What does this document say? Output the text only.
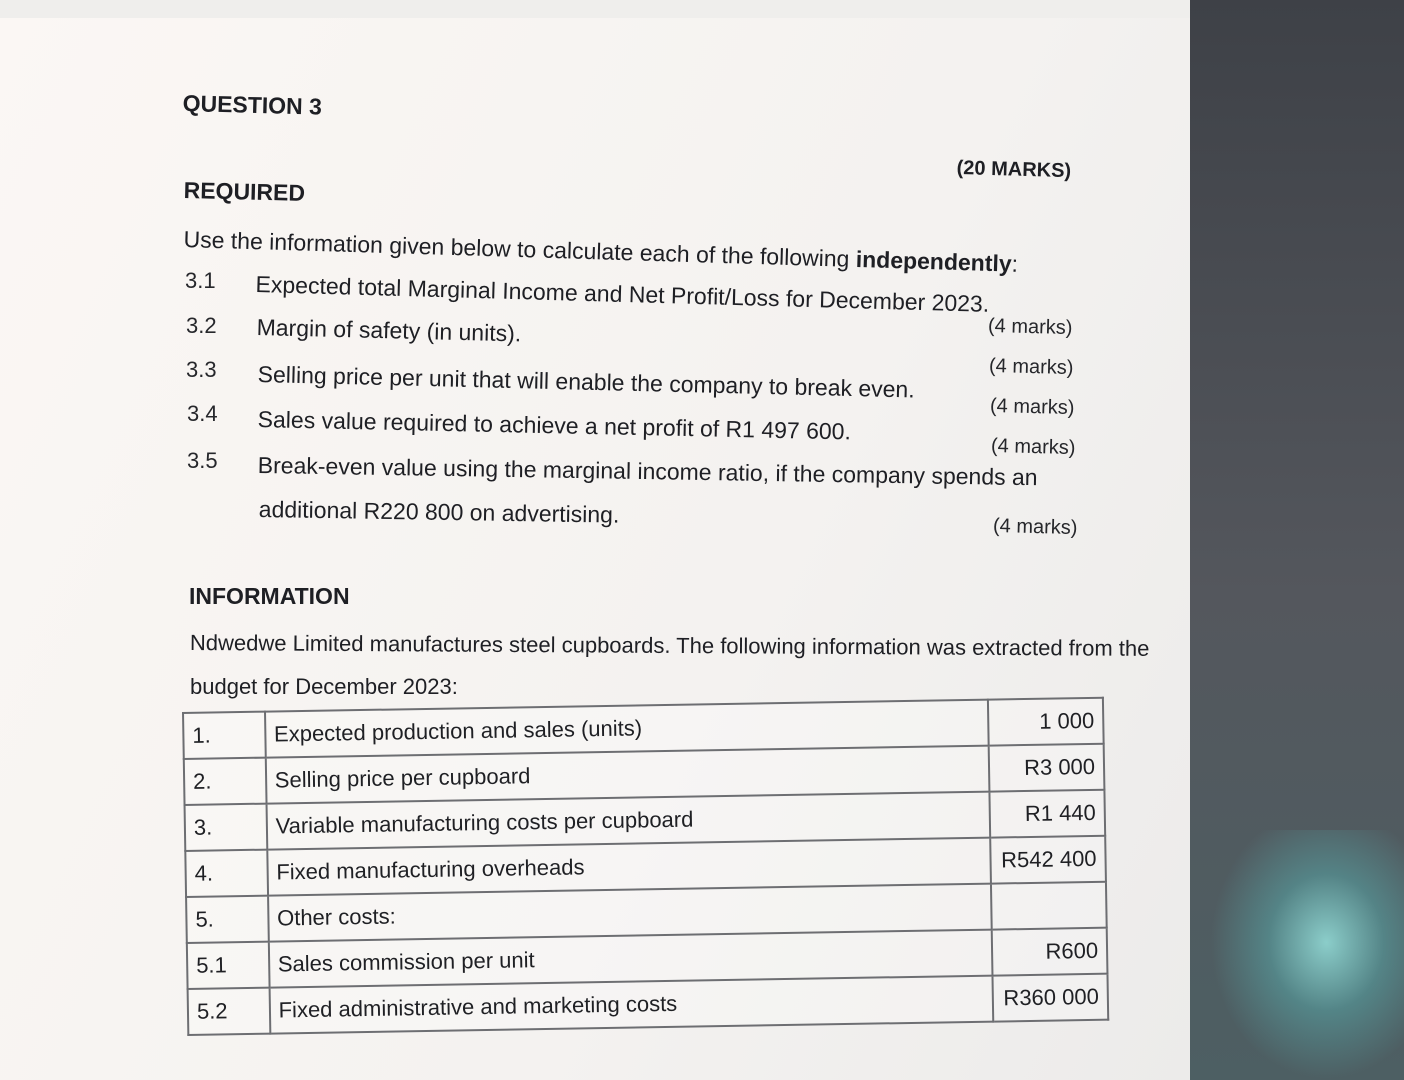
QUESTION 3
(20 MARKS)
REQUIRED
Use the information given below to calculate each of the following independently:
3.1 Expected total Marginal Income and Net Profit/Loss for December 2023.
3.2 Margin of safety (in units).
3.3 Selling price per unit that will enable the company to break even.
3.4 Sales value required to achieve a net profit of R1 497 600.
3.5 Break-even value using the marginal income ratio, if the company spends an
additional R220 800 on advertising.
(4 marks)
(4 marks)
(4 marks)
(4 marks)
(4 marks)
INFORMATION
Ndwedwe Limited manufactures steel cupboards. The following information was extracted from the
budget for December 2023:
1.	Expected production and sales (units)	1 000
2.	Selling price per cupboard	R3 000
3.	Variable manufacturing costs per cupboard	R1 440
4.	Fixed manufacturing overheads	R542 400
5.	Other costs:	
5.1	Sales commission per unit	R600
5.2	Fixed administrative and marketing costs	R360 000
